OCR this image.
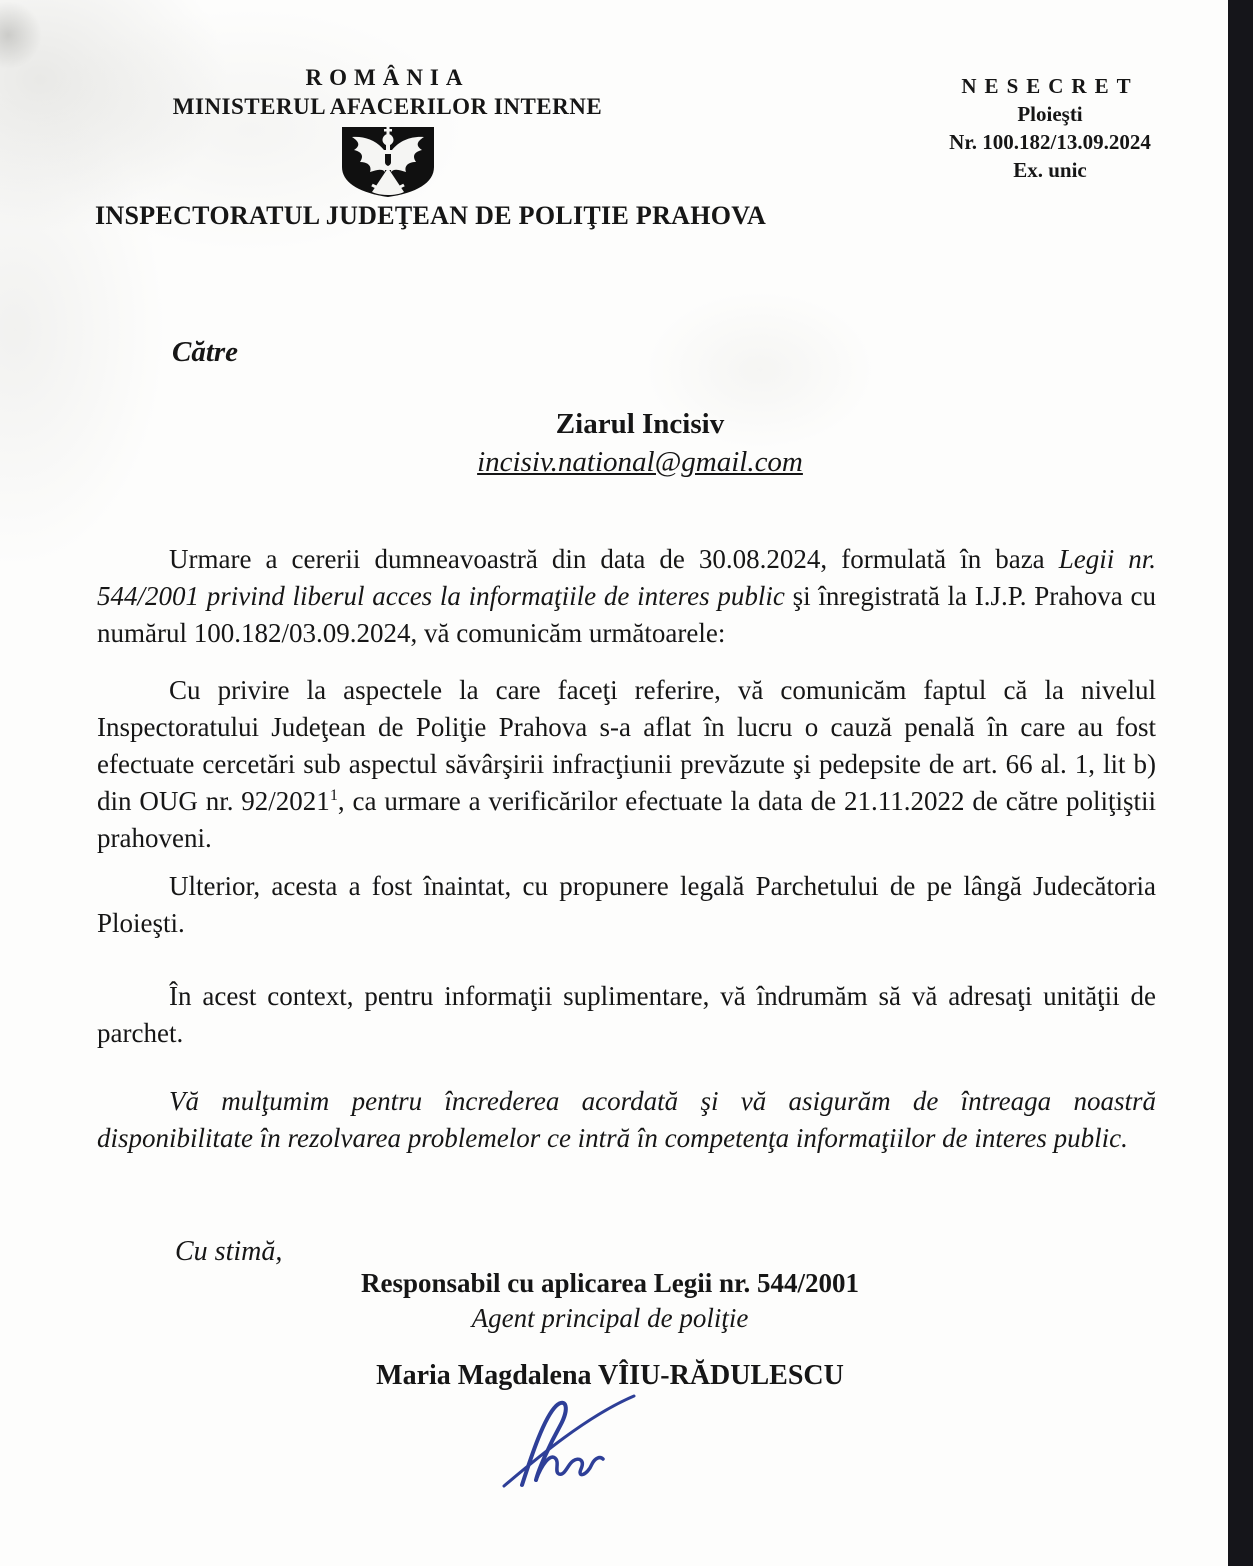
ROMÂNIA
MINISTERUL AFACERILOR INTERNE
INSPECTORATUL JUDEŢEAN DE POLIŢIE PRAHOVA
NESECRET
Ploieşti
Nr. 100.182/13.09.2024
Ex. unic
Către
Ziarul Incisiv
incisiv.national@gmail.com

Urmare a cererii dumneavoastră din data de 30.08.2024, formulată în baza Legii nr. 544/2001 privind liberul acces la informaţiile de interes public şi înregistrată la I.J.P. Prahova cu numărul 100.182/03.09.2024, vă comunicăm următoarele:

Cu privire la aspectele la care faceţi referire, vă comunicăm faptul că la nivelul Inspectoratului Judeţean de Poliţie Prahova s-a aflat în lucru o cauză penală în care au fost efectuate cercetări sub aspectul săvârşirii infracţiunii prevăzute şi pedepsite de art. 66 al. 1, lit b) din OUG nr. 92/2021$^1$, ca urmare a verificărilor efectuate la data de 21.11.2022 de către poliţiştii prahoveni.

Ulterior, acesta a fost înaintat, cu propunere legală Parchetului de pe lângă Judecătoria Ploieşti.

În acest context, pentru informaţii suplimentare, vă îndrumăm să vă adresaţi unităţii de parchet.

Vă mulţumim pentru încrederea acordată şi vă asigurăm de întreaga noastră disponibilitate în rezolvarea problemelor ce intră în competenţa informaţiilor de interes public.

Cu stimă,
Responsabil cu aplicarea Legii nr. 544/2001
Agent principal de poliţie
Maria Magdalena VÎIU-RĂDULESCU
